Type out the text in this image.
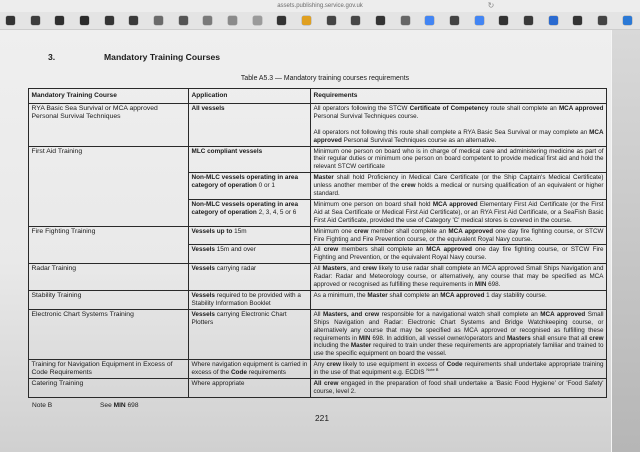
assets.publishing.service.gov.uk
↻
3.	Mandatory Training Courses
Table A5.3 — Mandatory training courses requirements
Mandatory Training Course	Application	Requirements
RYA Basic Sea Survival or MCA approved Personal Survival Techniques	All vessels	All operators following the STCW Certificate of Competency route shall complete an MCA approved Personal Survival Techniques course.
All operators not following this route shall complete a RYA Basic Sea Survival or may complete an MCA approved Personal Survival Techniques course as an alternative.

First Aid Training	MLC compliant vessels	Minimum one person on board who is in charge of medical care and administering medicine as part of their regular duties or minimum one person on board competent to provide medical first aid and hold the relevant STCW certificate

	Non-MLC vessels operating in area category of operation 0 or 1	Master shall hold Proficiency in Medical Care Certificate (or the Ship Captain's Medical Certificate) unless another member of the crew holds a medical or nursing qualification of an equivalent or higher standard.

	Non-MLC vessels operating in area category of operation 2, 3, 4, 5 or 6	Minimum one person on board shall hold MCA approved Elementary First Aid Certificate (or the First Aid at Sea Certificate or Medical First Aid Certificate), or an RYA First Aid Certificate, or a SeaFish Basic First Aid Certificate, provided the use of Category 'C' medical stores is covered in the course.

Fire Fighting Training	Vessels up to 15m	Minimum one crew member shall complete an MCA approved one day fire fighting course, or STCW Fire Fighting and Fire Prevention course, or the equivalent Royal Navy course.

	Vessels 15m and over	All crew members shall complete an MCA approved one day fire fighting course, or STCW Fire Fighting and Prevention, or the equivalent Royal Navy course.

Radar Training	Vessels carrying radar	All Masters, and crew likely to use radar shall complete an MCA approved Small Ships Navigation and Radar: Radar and Meteorology course, or alternatively, any course that may be specified as MCA approved or recognised as fulfilling these requirements in MIN 698.

Stability Training	Vessels required to be provided with a Stability Information Booklet	As a minimum, the Master shall complete an MCA approved 1 day stability course.

Electronic Chart Systems Training	Vessels carrying Electronic Chart Plotters	All Masters, and crew responsible for a navigational watch shall complete an MCA approved Small Ships Navigation and Radar: Electronic Chart Systems and Bridge Watchkeeping course, or alternatively any course that may be specified as MCA approved or recognised as fulfilling these requirements in MIN 698. In addition, all vessel owner/operators and Masters shall ensure that all crew including the Master required to train under these requirements are appropriately familiar and trained to use the specific equipment on board the vessel.

Training for Navigation Equipment in Excess of Code Requirements	Where navigation equipment is carried in excess of the Code requirements	Any crew likely to use equipment in excess of Code requirements shall undertake appropriate training in the use of that equipment e.g. ECDIS $^{Note B}$

Catering Training	Where appropriate	All crew engaged in the preparation of food shall undertake a 'Basic Food Hygiene' or 'Food Safety' course, level 2.
Note B	See MIN 698
221
